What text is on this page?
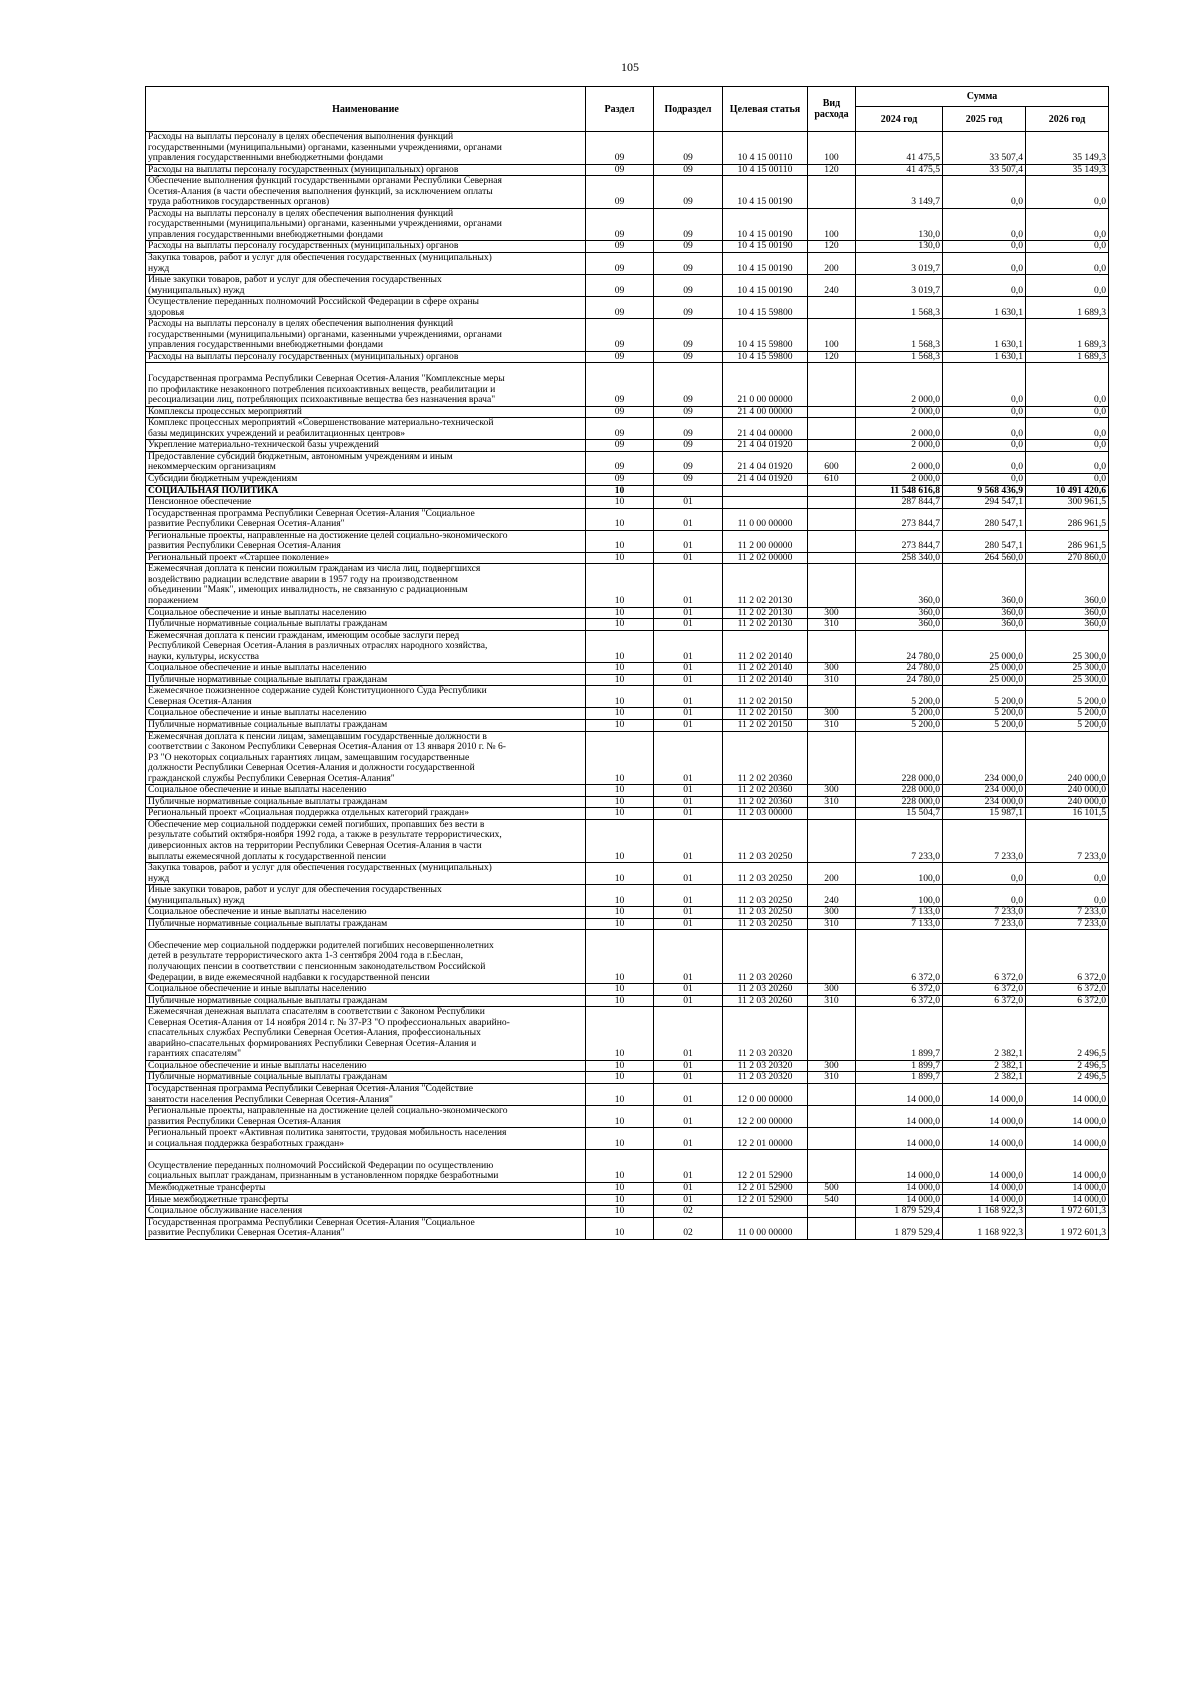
105
Наименование	Раздел	Подраздел	Целевая статья	Вид расхода	Сумма		
					2024 год	2025 год	2026 год
Расходы на выплаты персоналу в целях обеспечения выполнения функций
государственными (муниципальными) органами, казенными учреждениями, органами
управления государственными внебюджетными фондами	09	09	10 4 15 00110	100	41 475,5	33 507,4	35 149,3
Расходы на выплаты персоналу государственных (муниципальных) органов	09	09	10 4 15 00110	120	41 475,5	33 507,4	35 149,3
Обеспечение выполнения функций государственными органами Республики Северная
Осетия-Алания (в части обеспечения выполнения функций, за исключением оплаты
труда работников государственных органов)	09	09	10 4 15 00190		3 149,7	0,0	0,0
Расходы на выплаты персоналу в целях обеспечения выполнения функций
государственными (муниципальными) органами, казенными учреждениями, органами
управления государственными внебюджетными фондами	09	09	10 4 15 00190	100	130,0	0,0	0,0
Расходы на выплаты персоналу государственных (муниципальных) органов	09	09	10 4 15 00190	120	130,0	0,0	0,0
Закупка товаров, работ и услуг для обеспечения государственных (муниципальных)
нужд	09	09	10 4 15 00190	200	3 019,7	0,0	0,0
Иные закупки товаров, работ и услуг для обеспечения государственных
(муниципальных) нужд	09	09	10 4 15 00190	240	3 019,7	0,0	0,0
Осуществление переданных полномочий Российской Федерации в сфере охраны
здоровья	09	09	10 4 15 59800		1 568,3	1 630,1	1 689,3
Расходы на выплаты персоналу в целях обеспечения выполнения функций
государственными (муниципальными) органами, казенными учреждениями, органами
управления государственными внебюджетными фондами	09	09	10 4 15 59800	100	1 568,3	1 630,1	1 689,3
Расходы на выплаты персоналу государственных (муниципальных) органов	09	09	10 4 15 59800	120	1 568,3	1 630,1	1 689,3

Государственная программа Республики Северная Осетия-Алания "Комплексные меры
по профилактике незаконного потребления психоактивных веществ, реабилитации и
ресоциализации лиц, потребляющих психоактивные вещества без назначения врача"	09	09	21 0 00 00000		2 000,0	0,0	0,0
Комплексы процессных мероприятий	09	09	21 4 00 00000		2 000,0	0,0	0,0
Комплекс процессных мероприятий «Совершенствование материально-технической
базы медицинских учреждений и реабилитационных центров»	09	09	21 4 04 00000		2 000,0	0,0	0,0
Укрепление материально-технической базы учреждений	09	09	21 4 04 01920		2 000,0	0,0	0,0
Предоставление субсидий бюджетным, автономным учреждениям и иным
некоммерческим организациям	09	09	21 4 04 01920	600	2 000,0	0,0	0,0
Субсидии бюджетным учреждениям	09	09	21 4 04 01920	610	2 000,0	0,0	0,0
СОЦИАЛЬНАЯ ПОЛИТИКА	10				11 548 616,8	9 568 436,9	10 491 420,6
Пенсионное обеспечение	10	01			287 844,7	294 547,1	300 961,5
Государственная программа Республики Северная Осетия-Алания "Социальное
развитие Республики Северная Осетия-Алания"	10	01	11 0 00 00000		273 844,7	280 547,1	286 961,5
Региональные проекты, направленные на достижение целей социально-экономического
развития Республики Северная Осетия-Алания	10	01	11 2 00 00000		273 844,7	280 547,1	286 961,5
Региональный проект «Старшее поколение»	10	01	11 2 02 00000		258 340,0	264 560,0	270 860,0
Ежемесячная доплата к пенсии пожилым гражданам из числа лиц, подвергшихся
воздействию радиации вследствие аварии в 1957 году на производственном
объединении "Маяк", имеющих инвалидность, не связанную с радиационным
поражением	10	01	11 2 02 20130		360,0	360,0	360,0
Социальное обеспечение и иные выплаты населению	10	01	11 2 02 20130	300	360,0	360,0	360,0
Публичные нормативные социальные выплаты гражданам	10	01	11 2 02 20130	310	360,0	360,0	360,0
Ежемесячная доплата к пенсии гражданам, имеющим особые заслуги перед
Республикой Северная Осетия-Алания в различных отраслях народного хозяйства,
науки, культуры, искусства	10	01	11 2 02 20140		24 780,0	25 000,0	25 300,0
Социальное обеспечение и иные выплаты населению	10	01	11 2 02 20140	300	24 780,0	25 000,0	25 300,0
Публичные нормативные социальные выплаты гражданам	10	01	11 2 02 20140	310	24 780,0	25 000,0	25 300,0
Ежемесячное пожизненное содержание судей Конституционного Суда Республики
Северная Осетия-Алания	10	01	11 2 02 20150		5 200,0	5 200,0	5 200,0
Социальное обеспечение и иные выплаты населению	10	01	11 2 02 20150	300	5 200,0	5 200,0	5 200,0
Публичные нормативные социальные выплаты гражданам	10	01	11 2 02 20150	310	5 200,0	5 200,0	5 200,0
Ежемесячная доплата к пенсии лицам, замещавшим государственные должности в
соответствии с Законом Республики Северная Осетия-Алания от 13 января 2010 г. № 6-
РЗ "О некоторых социальных гарантиях лицам, замещавшим государственные
должности Республики Северная Осетия-Алания и должности государственной
гражданской службы Республики Северная Осетия-Алания"	10	01	11 2 02 20360		228 000,0	234 000,0	240 000,0
Социальное обеспечение и иные выплаты населению	10	01	11 2 02 20360	300	228 000,0	234 000,0	240 000,0
Публичные нормативные социальные выплаты гражданам	10	01	11 2 02 20360	310	228 000,0	234 000,0	240 000,0
Региональный проект «Социальная поддержка отдельных категорий граждан»	10	01	11 2 03 00000		15 504,7	15 987,1	16 101,5
Обеспечение мер социальной поддержки семей погибших, пропавших без вести в
результате событий октября-ноября 1992 года, а также в результате террористических,
диверсионных актов на территории Республики Северная Осетия-Алания в части
выплаты ежемесячной доплаты к государственной пенсии	10	01	11 2 03 20250		7 233,0	7 233,0	7 233,0
Закупка товаров, работ и услуг для обеспечения государственных (муниципальных)
нужд	10	01	11 2 03 20250	200	100,0	0,0	0,0
Иные закупки товаров, работ и услуг для обеспечения государственных
(муниципальных) нужд	10	01	11 2 03 20250	240	100,0	0,0	0,0
Социальное обеспечение и иные выплаты населению	10	01	11 2 03 20250	300	7 133,0	7 233,0	7 233,0
Публичные нормативные социальные выплаты гражданам	10	01	11 2 03 20250	310	7 133,0	7 233,0	7 233,0

Обеспечение мер социальной поддержки родителей погибших несовершеннолетних
детей в результате террористического акта 1-3 сентября 2004 года в г.Беслан,
получающих пенсии в соответствии с пенсионным законодательством Российской
Федерации, в виде ежемесячной надбавки к государственной пенсии	10	01	11 2 03 20260		6 372,0	6 372,0	6 372,0
Социальное обеспечение и иные выплаты населению	10	01	11 2 03 20260	300	6 372,0	6 372,0	6 372,0
Публичные нормативные социальные выплаты гражданам	10	01	11 2 03 20260	310	6 372,0	6 372,0	6 372,0
Ежемесячная денежная выплата спасателям в соответствии с Законом Республики
Северная Осетия-Алания от 14 ноября 2014 г. № 37-РЗ "О профессиональных аварийно-
спасательных службах Республики Северная Осетия-Алания, профессиональных
аварийно-спасательных формированиях Республики Северная Осетия-Алания и
гарантиях спасателям"	10	01	11 2 03 20320		1 899,7	2 382,1	2 496,5
Социальное обеспечение и иные выплаты населению	10	01	11 2 03 20320	300	1 899,7	2 382,1	2 496,5
Публичные нормативные социальные выплаты гражданам	10	01	11 2 03 20320	310	1 899,7	2 382,1	2 496,5
Государственная программа Республики Северная Осетия-Алания "Содействие
занятости населения Республики Северная Осетия-Алания"	10	01	12 0 00 00000		14 000,0	14 000,0	14 000,0
Региональные проекты, направленные на достижение целей социально-экономического
развития Республики Северная Осетия-Алания	10	01	12 2 00 00000		14 000,0	14 000,0	14 000,0
Региональный проект «Активная политика занятости, трудовая мобильность населения
и социальная поддержка безработных граждан»	10	01	12 2 01 00000		14 000,0	14 000,0	14 000,0

Осуществление переданных полномочий Российской Федерации по осуществлению
социальных выплат гражданам, признанным в установленном порядке безработными	10	01	12 2 01 52900		14 000,0	14 000,0	14 000,0
Межбюджетные трансферты	10	01	12 2 01 52900	500	14 000,0	14 000,0	14 000,0
Иные межбюджетные трансферты	10	01	12 2 01 52900	540	14 000,0	14 000,0	14 000,0
Социальное обслуживание населения	10	02			1 879 529,4	1 168 922,3	1 972 601,3
Государственная программа Республики Северная Осетия-Алания "Социальное
развитие Республики Северная Осетия-Алания"	10	02	11 0 00 00000		1 879 529,4	1 168 922,3	1 972 601,3
